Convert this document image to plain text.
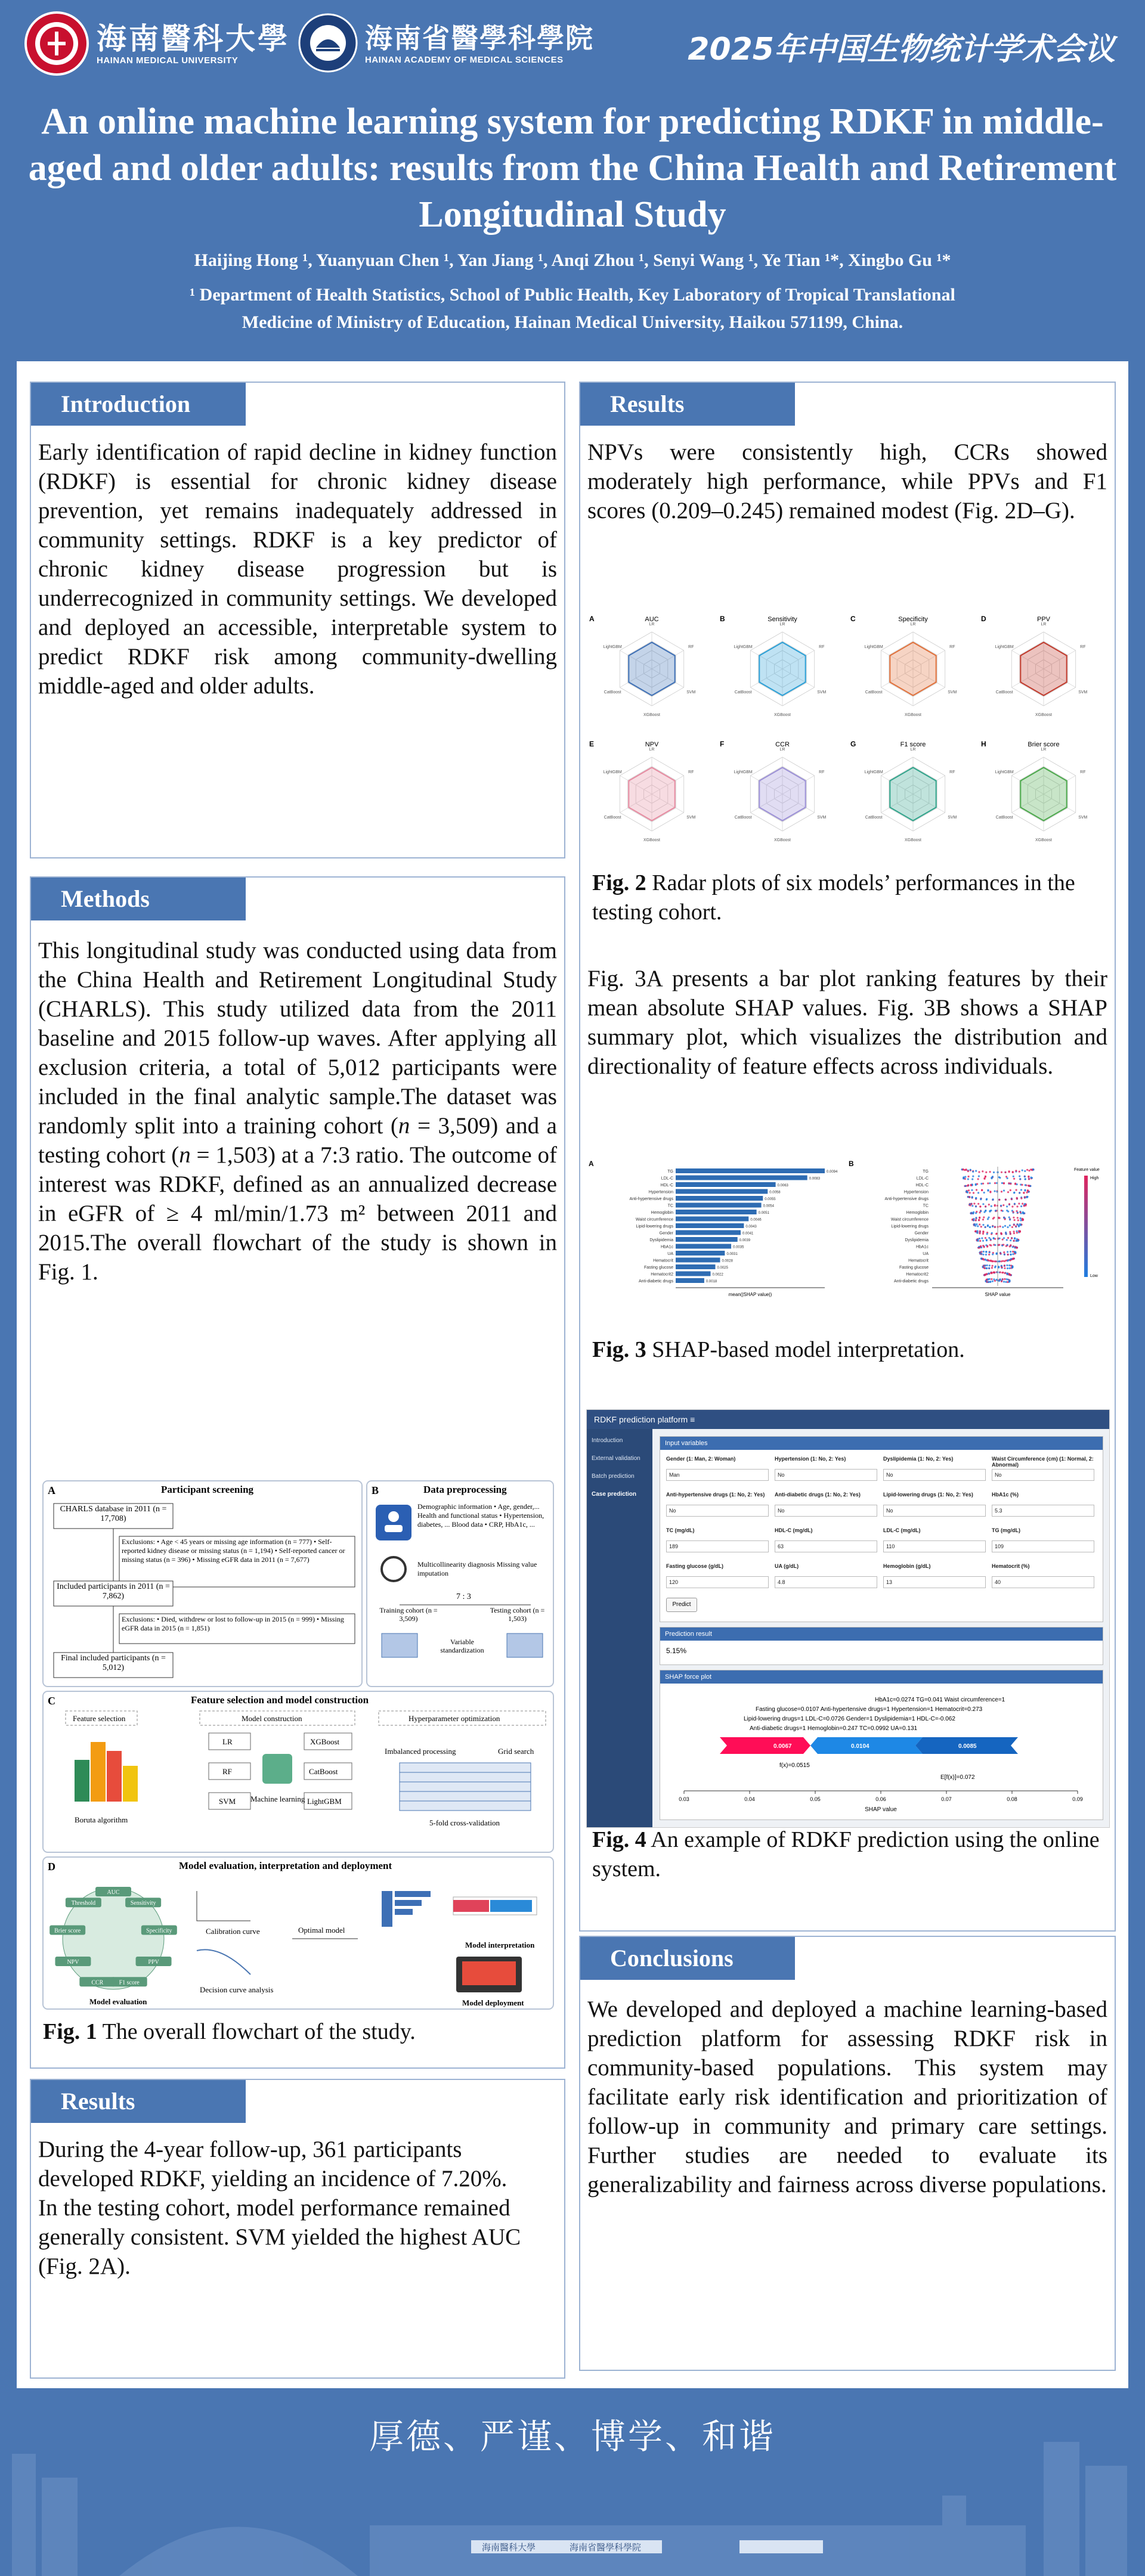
海南醫科大學
HAINAN MEDICAL UNIVERSITY
海南省醫學科學院
HAINAN ACADEMY OF MEDICAL SCIENCES	2025年中国生物统计学术会议
An online machine learning system for predicting RDKF in middle-aged and older adults: results from the China Health and Retirement Longitudinal Study
Haijing Hong ¹, Yuanyuan Chen ¹, Yan Jiang ¹, Anqi Zhou ¹, Senyi Wang ¹, Ye Tian ¹*, Xingbo Gu ¹*
¹ Department of Health Statistics, School of Public Health, Key Laboratory of Tropical Translational
Medicine of Ministry of Education, Hainan Medical University, Haikou 571199, China.
Introduction
Early identification of rapid decline in kidney function (RDKF) is essential for chronic kidney disease prevention, yet remains inadequately addressed in community settings. RDKF is a key predictor of chronic kidney disease progression but is underrecognized in community settings. We developed and deployed an accessible, interpretable system to predict RDKF risk among community-dwelling middle-aged and older adults.
Methods
This longitudinal study was conducted using data from the China Health and Retirement Longitudinal Study (CHARLS). This study utilized data from the 2011 baseline and 2015 follow-up waves. After applying all exclusion criteria, a total of 5,012 participants were included in the final analytic sample.The dataset was randomly split into a training cohort (n = 3,509) and a testing cohort (n = 1,503) at a 7:3 ratio. The outcome of interest was RDKF, defined as an annualized decrease in eGFR of ≥ 4 ml/min/1.73 m² between 2011 and 2015.The overall flowchart of the study is shown in Fig. 1.
A	Participant screening
CHARLS database in 2011 (n = 17,708)
Exclusions: • Age < 45 years or missing age information (n = 777) • Self-reported kidney disease or missing status (n = 1,194) • Self-reported cancer or missing status (n = 396) • Missing eGFR data in 2011 (n = 7,677)
Included participants in 2011 (n = 7,862)
Exclusions: • Died, withdrew or lost to follow-up in 2015 (n = 999) • Missing eGFR data in 2015 (n = 1,851)
Final included participants (n = 5,012)
B	Data preprocessing
Demographic information • Age, gender,... Health and functional status • Hypertension, diabetes, ... Blood data • CRP, HbA1c, ...
Multicollinearity diagnosis Missing value imputation
7 : 3
Training cohort (n = 3,509)
Testing cohort (n = 1,503)
Variable standardization
C	Feature selection and model construction
Feature selection
Boruta algorithm
Model construction
LR
RF
SVM
XGBoost
CatBoost
LightGBM
Machine learning
Hyperparameter optimization
Imbalanced processing	Grid search
5-fold cross-validation
D	Model evaluation, interpretation and deployment
Model evaluation
Calibration curve
Decision curve analysis
Optimal model
Model interpretation
Model deployment
AUC
Sensitivity
Specificity
PPV
F1 score
CCR
NPV
Brier score
Threshold
Fig. 1 The overall flowchart of the study.
Results
During the 4-year follow-up, 361 participants developed RDKF, yielding an incidence of 7.20%.
In the testing cohort, model performance remained generally consistent. SVM yielded the highest AUC (Fig. 2A).
Results
NPVs were consistently high, CCRs showed moderately high performance, while PPVs and F1 scores (0.209–0.245) remained modest (Fig. 2D–G).
A	AUC
LR
RF
SVM
XGBoost
CatBoost
LightGBM
B	Sensitivity
LR
RF
SVM
XGBoost
CatBoost
LightGBM
C	Specificity
LR
RF
SVM
XGBoost
CatBoost
LightGBM
D	PPV
LR
RF
SVM
XGBoost
CatBoost
LightGBM
E	NPV
LR
RF
SVM
XGBoost
CatBoost
LightGBM
F	CCR
LR
RF
SVM
XGBoost
CatBoost
LightGBM
G	F1 score
LR
RF
SVM
XGBoost
CatBoost
LightGBM
H	Brier score
LR
RF
SVM
XGBoost
CatBoost
LightGBM
Fig. 2 Radar plots of six models’ performances in the testing cohort.
Fig. 3A presents a bar plot ranking features by their mean absolute SHAP values. Fig. 3B shows a SHAP summary plot, which visualizes the distribution and directionality of feature effects across individuals.
A	B
TG	0.0094
LDL-C	0.0083
HDL-C	0.0063
Hypertension	0.0058
Anti-hypertensive drugs	0.0055
TC	0.0054
Hemoglobin	0.0051
Waist circumference	0.0046
Lipid-lowering drugs	0.0043
Gender	0.0041
Dyslipidemia	0.0039
HbA1c	0.0035
UA	0.0031
Hematocrit	0.0028
Fasting glucose	0.0025
Hematocrit2	0.0022
Anti-diabetic drugs	0.0018
mean(|SHAP value|)
TG
LDL-C
HDL-C
Hypertension
Anti-hypertensive drugs
TC
Hemoglobin
Waist circumference
Lipid-lowering drugs
Gender
Dyslipidemia
HbA1c
UA
Hematocrit
Fasting glucose
Hematocrit2
Anti-diabetic drugs
SHAP value
Feature value
High
Low
Fig. 3 SHAP-based model interpretation.
RDKF prediction platform ≡
Introduction
External validation
Batch prediction
Case prediction
Input variables
Gender (1: Man, 2: Woman)
Man
Hypertension (1: No, 2: Yes)
No
Dyslipidemia (1: No, 2: Yes)
No
Waist Circumference (cm) (1: Normal, 2: Abnormal)
No
Anti-hypertensive drugs (1: No, 2: Yes)
No
Anti-diabetic drugs (1: No, 2: Yes)
No
Lipid-lowering drugs (1: No, 2: Yes)
No
HbA1c (%)
5.3
TC (mg/dL)
189
HDL-C (mg/dL)
63
LDL-C (mg/dL)
110
TG (mg/dL)
109
Fasting glucose (g/dL)
120
UA (g/dL)
4.8
Hemoglobin (g/dL)
13
Hematocrit (%)
40
Predict
Prediction result
5.15%
SHAP force plot
HbA1c=0.0274 TG=0.041 Waist circumference=1
Fasting glucose=0.0107 Anti-hypertensive drugs=1 Hypertension=1 Hematocrit=0.273
Lipid-lowering drugs=1 LDL-C=0.0726 Gender=1 Dyslipidemia=1 HDL-C=-0.062
Anti-diabetic drugs=1 Hemoglobin=0.247 TC=0.0992 UA=0.131
0.0067	0.0104	0.0085
f(x)=0.0515
E[f(x)]=0.072
0.03	0.04	0.05	0.06	0.07	0.08	0.09
SHAP value
Fig. 4 An example of RDKF prediction using the online system.
Conclusions
We developed and deployed a machine learning-based prediction platform for assessing RDKF risk in community-based populations. This system may facilitate early risk identification and prioritization of follow-up in community and primary care settings. Further studies are needed to evaluate its generalizability and fairness across diverse populations.
海南醫科大學	海南省醫學科學院
厚德、严谨、博学、和谐
